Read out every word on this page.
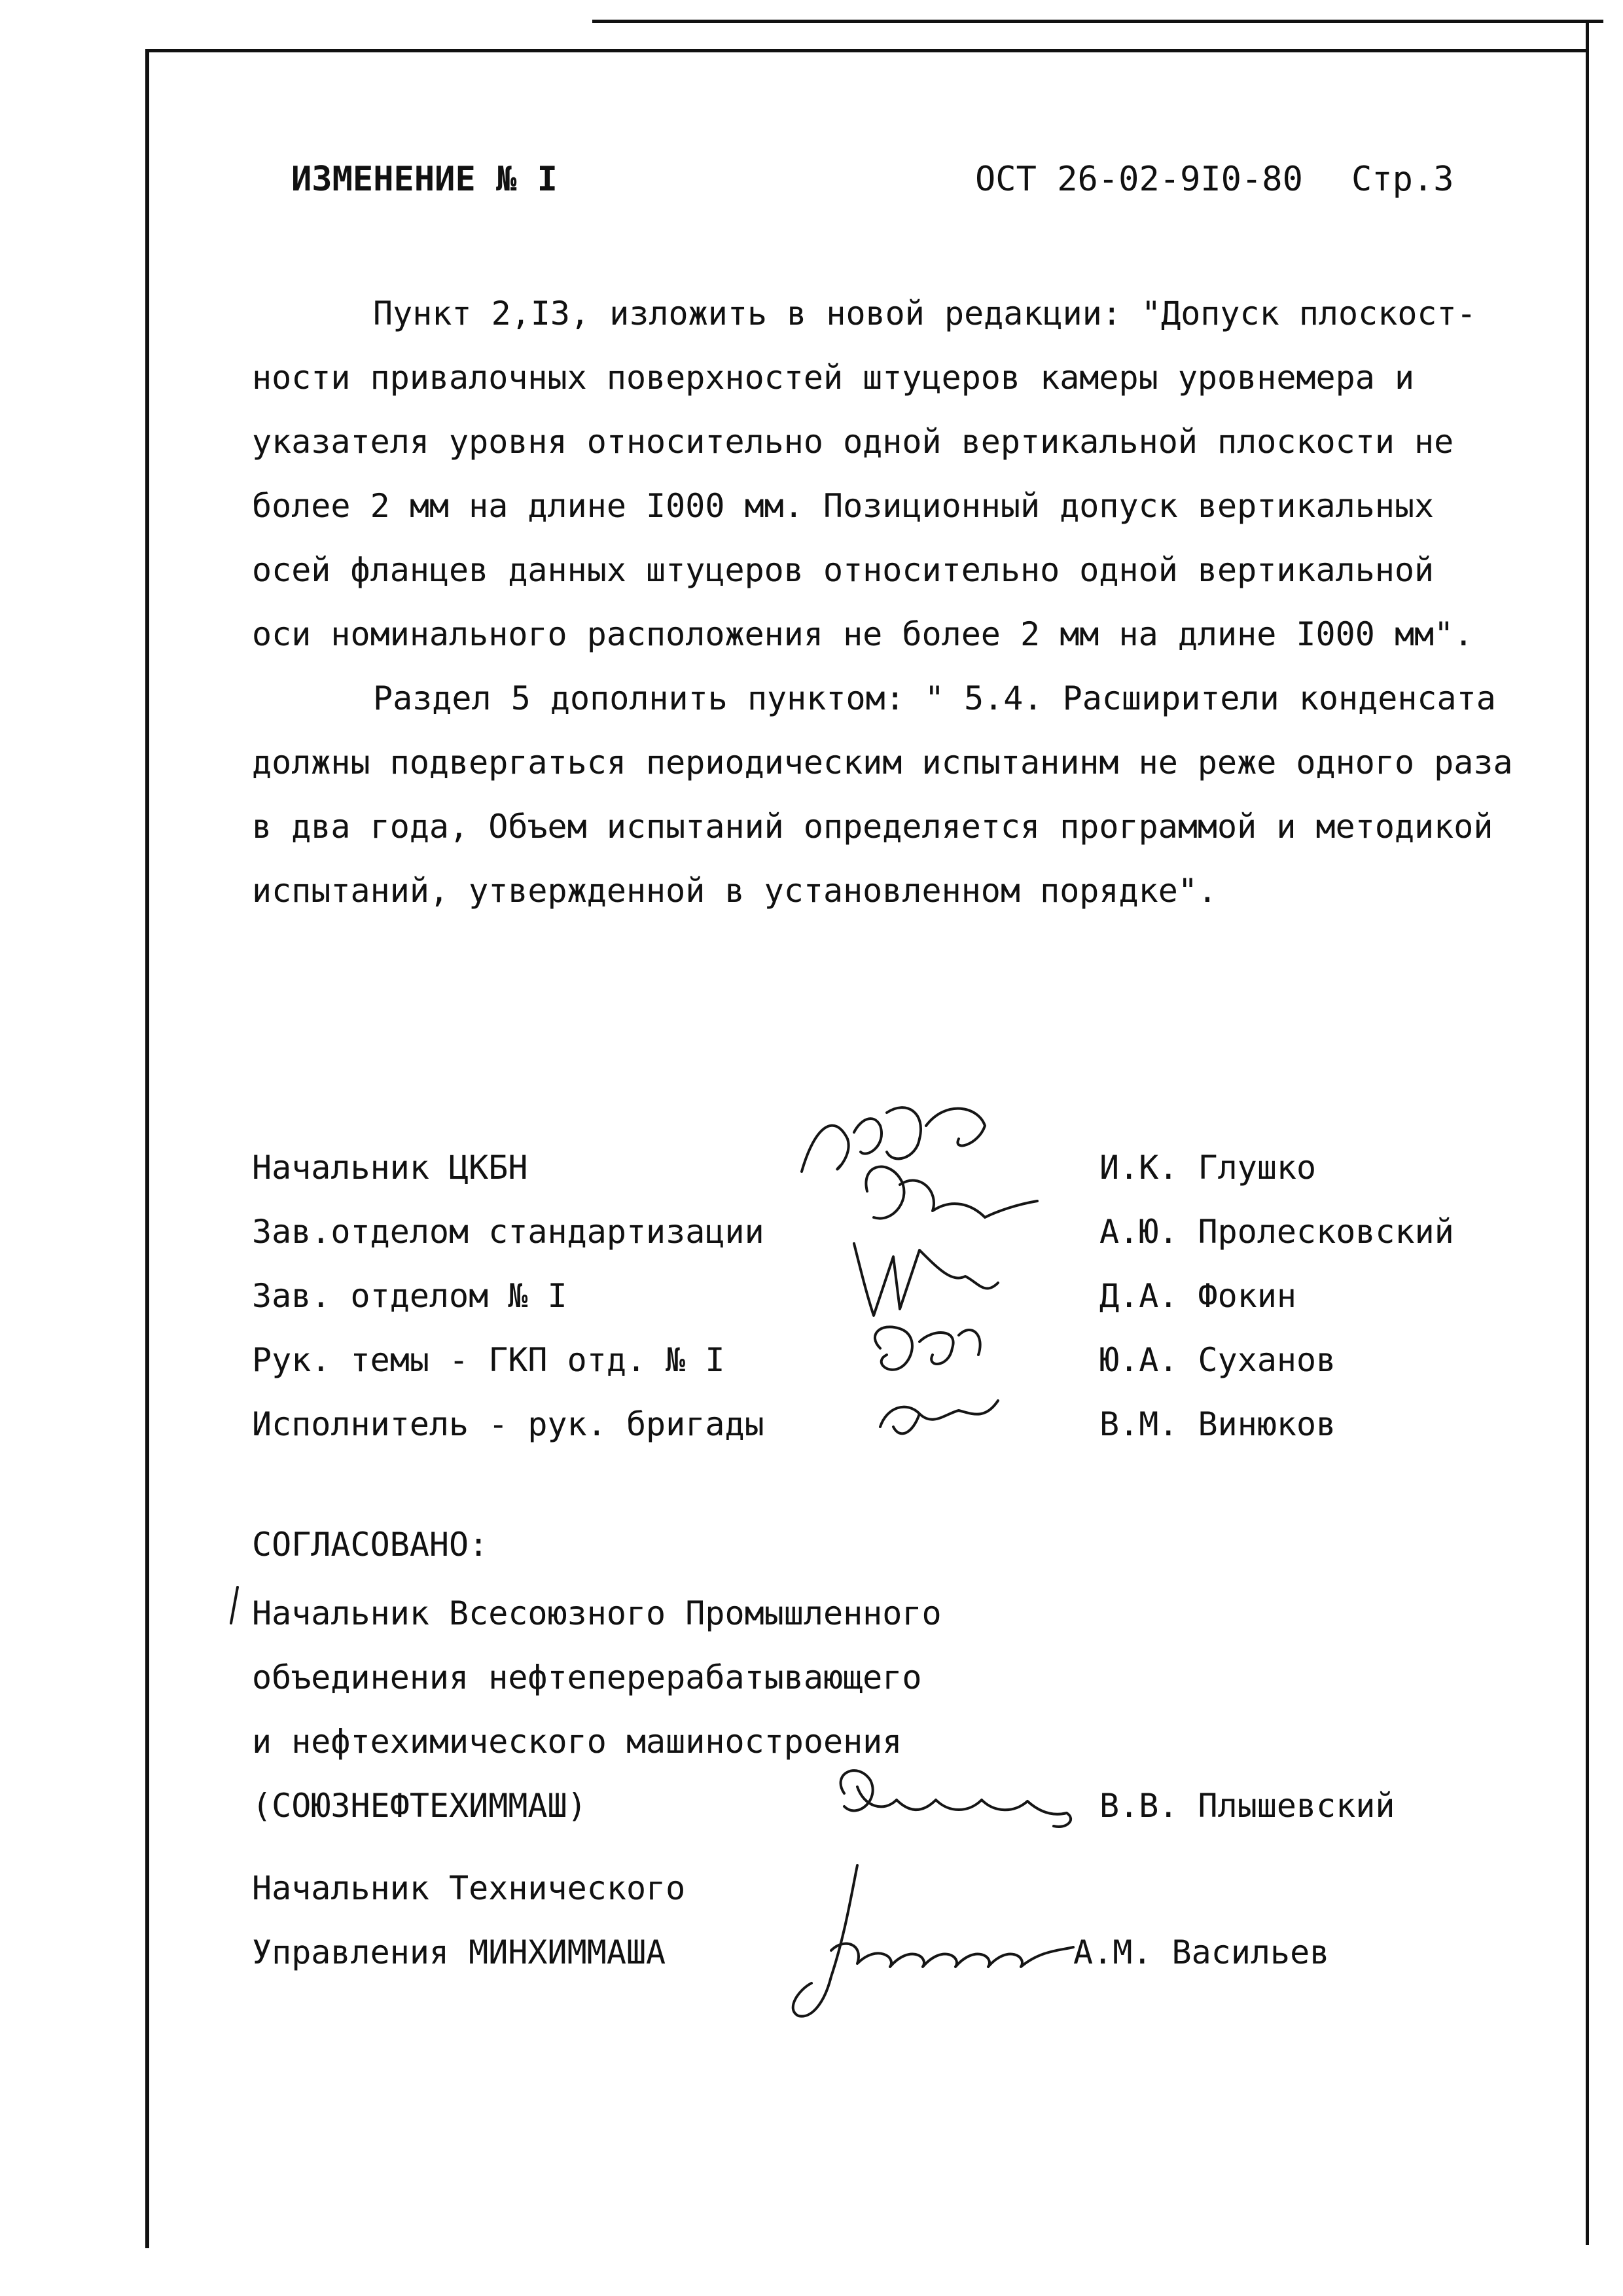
ИЗМЕНЕНИЕ № I	ОСТ 26-02-9I0-80 Стр.3
Пункт 2,I3, изложить в новой редакции: "Допуск плоскост-
ности привалочных поверхностей штуцеров камеры уровнемера и
указателя уровня относительно одной вертикальной плоскости не
более 2 мм на длине I000 мм. Позиционный допуск вертикальных
осей фланцев данных штуцеров относительно одной вертикальной
оси номинального расположения не более 2 мм на длине I000 мм".
Раздел 5 дополнить пунктом: " 5.4. Расширители конденсата
должны подвергаться периодическим испытанинм не реже одного раза
в два года, Объем испытаний определяется программой и методикой
испытаний, утвержденной в установленном порядке".
Начальник ЦКБН	И.К. Глушко
Зав.отделом стандартизации	А.Ю. Пролесковский
Зав. отделом № I	Д.А. Фокин
Рук. темы - ГКП отд. № I	Ю.А. Суханов
Исполнитель - рук. бригады	В.М. Винюков
СОГЛАСОВАНО:
Начальник Всесоюзного Промышленного
объединения нефтеперерабатывающего
и нефтехимического машиностроения
(СОЮЗНЕФТЕХИММАШ)	В.В. Плышевский
Начальник Технического
Управления МИНХИММАША	А.М. Васильев
